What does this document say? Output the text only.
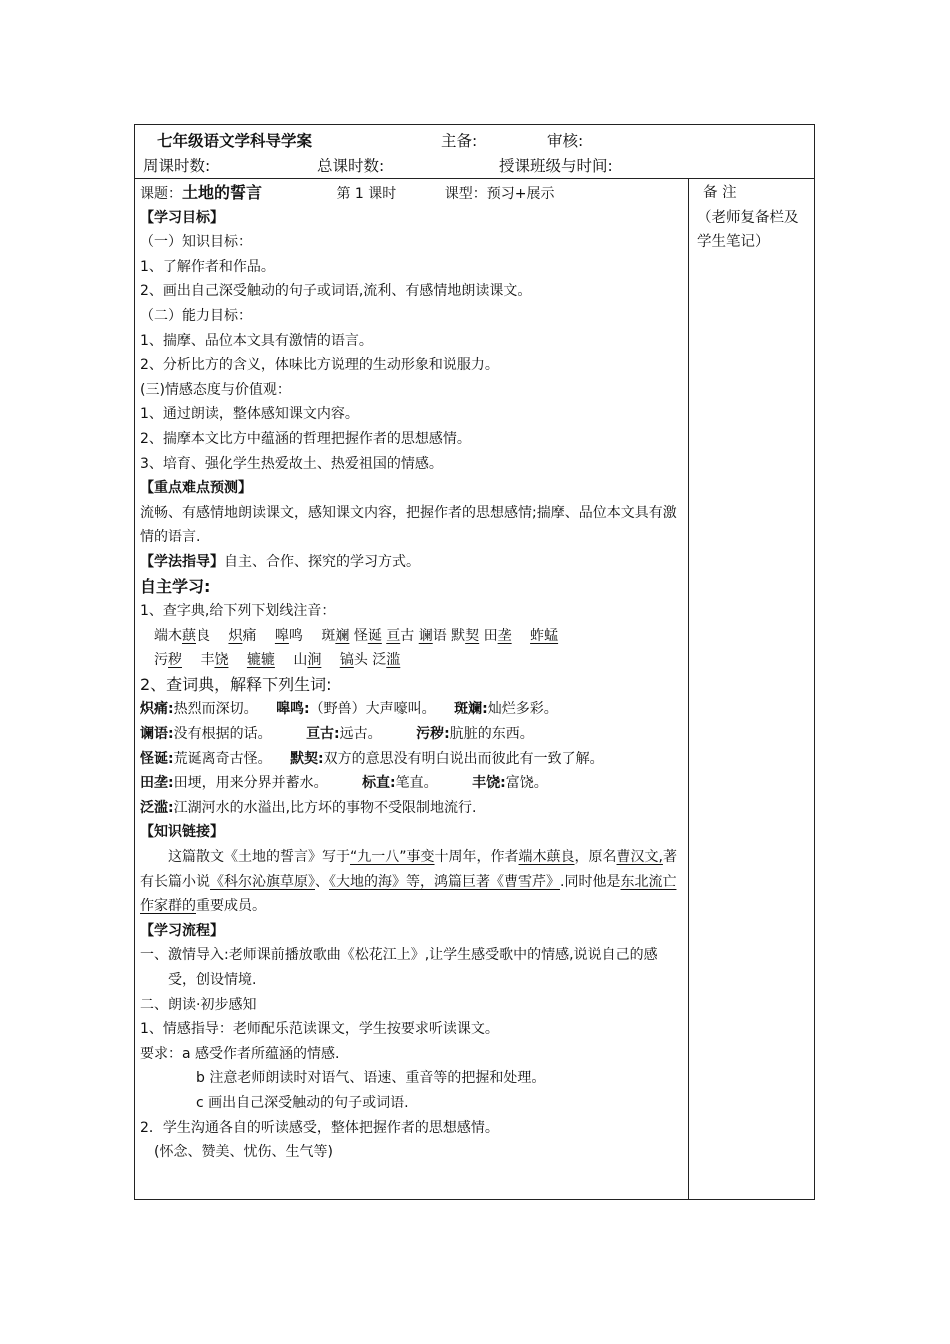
七年级语文学科导学案	主备:	审核:
周课时数:	总课时数:	授课班级与时间:
备 注
（老师复备栏及学生笔记）
课题：土地的誓言	第 1 课时	课型：预习+展示
【学习目标】
（一）知识目标：
1、了解作者和作品。
2、画出自己深受触动的句子或词语,流利、有感情地朗读课文。
（二）能力目标：
1、揣摩、品位本文具有激情的语言。
2、分析比方的含义，体味比方说理的生动形象和说服力。
(三)情感态度与价值观：
1、通过朗读，整体感知课文内容。
2、揣摩本文比方中蕴涵的哲理把握作者的思想感情。
3、培育、强化学生热爱故土、热爱祖国的情感。
【重点难点预测】
流畅、有感情地朗读课文，感知课文内容，把握作者的思想感情;揣摩、品位本文具有激情的语言.
【学法指导】自主、合作、探究的学习方式。
自主学习:
1、查字典,给下列下划线注音：
端木蕻良 炽痛 嗥鸣 斑斓 怪诞 亘古 谰语 默契 田垄 蚱蜢
污秽 丰饶 辘辘 山涧 镐头 泛滥
2、查词典，解释下列生词:
炽痛:热烈而深切。 嗥鸣:（野兽）大声嚎叫。 斑斓:灿烂多彩。
谰语:没有根据的话。 亘古:远古。 污秽:肮脏的东西。
怪诞:荒诞离奇古怪。 默契:双方的意思没有明白说出而彼此有一致了解。
田垄:田埂，用来分界并蓄水。 标直:笔直。 丰饶:富饶。
泛滥:江湖河水的水溢出,比方坏的事物不受限制地流行.
【知识链接】
这篇散文《土地的誓言》写于“九一八”事变十周年，作者端木蕻良，原名曹汉文,著有长篇小说《科尔沁旗草原》、《大地的海》等，鸿篇巨著《曹雪芹》.同时他是东北流亡作家群的重要成员。
【学习流程】
一、激情导入:老师课前播放歌曲《松花江上》,让学生感受歌中的情感,说说自己的感受，创设情境.
二、朗读·初步感知
1、情感指导：老师配乐范读课文，学生按要求听读课文。
要求：a 感受作者所蕴涵的情感.
b 注意老师朗读时对语气、语速、重音等的把握和处理。
c 画出自己深受触动的句子或词语.
2．学生沟通各自的听读感受，整体把握作者的思想感情。
(怀念、赞美、忧伤、生气等)
